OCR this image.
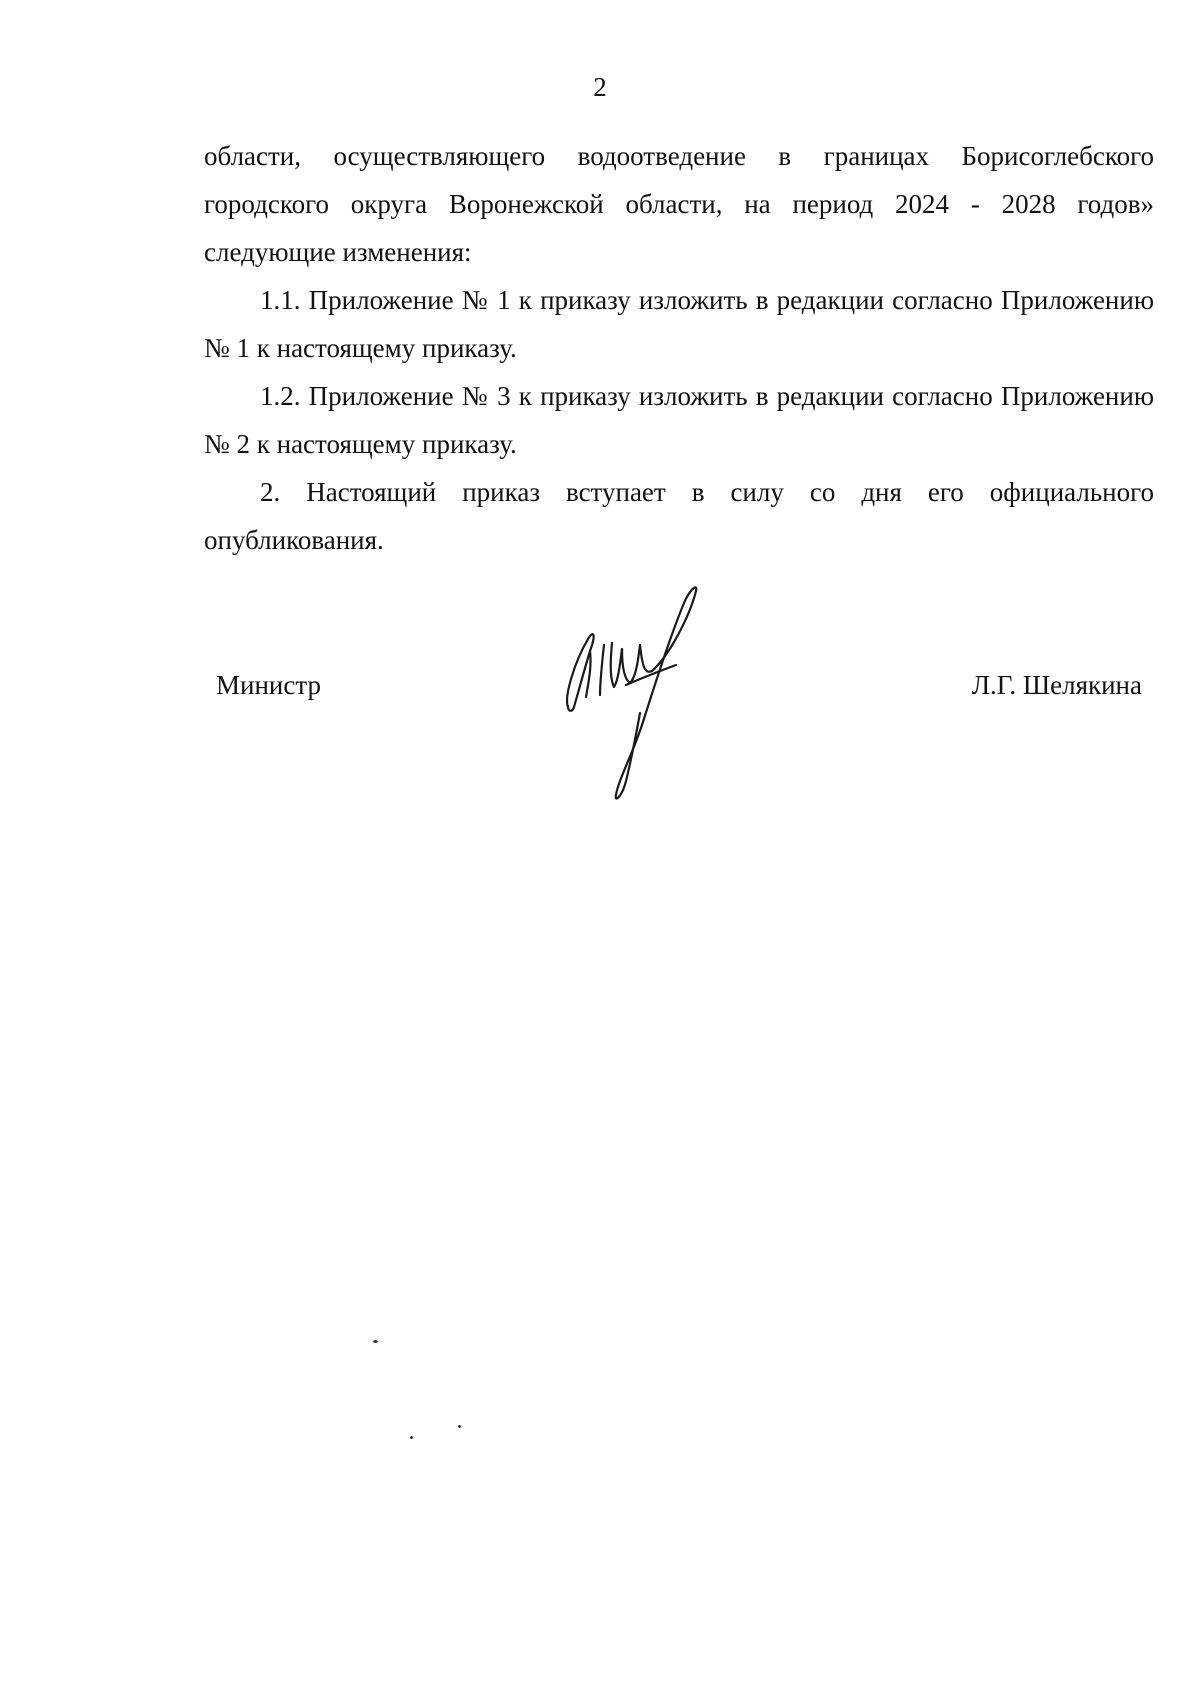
2

области, осуществляющего водоотведение в границах Борисоглебского городского округа Воронежской области, на период 2024 - 2028 годов» следующие изменения:

1.1. Приложение № 1 к приказу изложить в редакции согласно Приложению № 1 к настоящему приказу.

1.2. Приложение № 3 к приказу изложить в редакции согласно Приложению № 2 к настоящему приказу.

2. Настоящий приказ вступает в силу со дня его официального опубликования.

Министр	Л.Г. Шелякина
